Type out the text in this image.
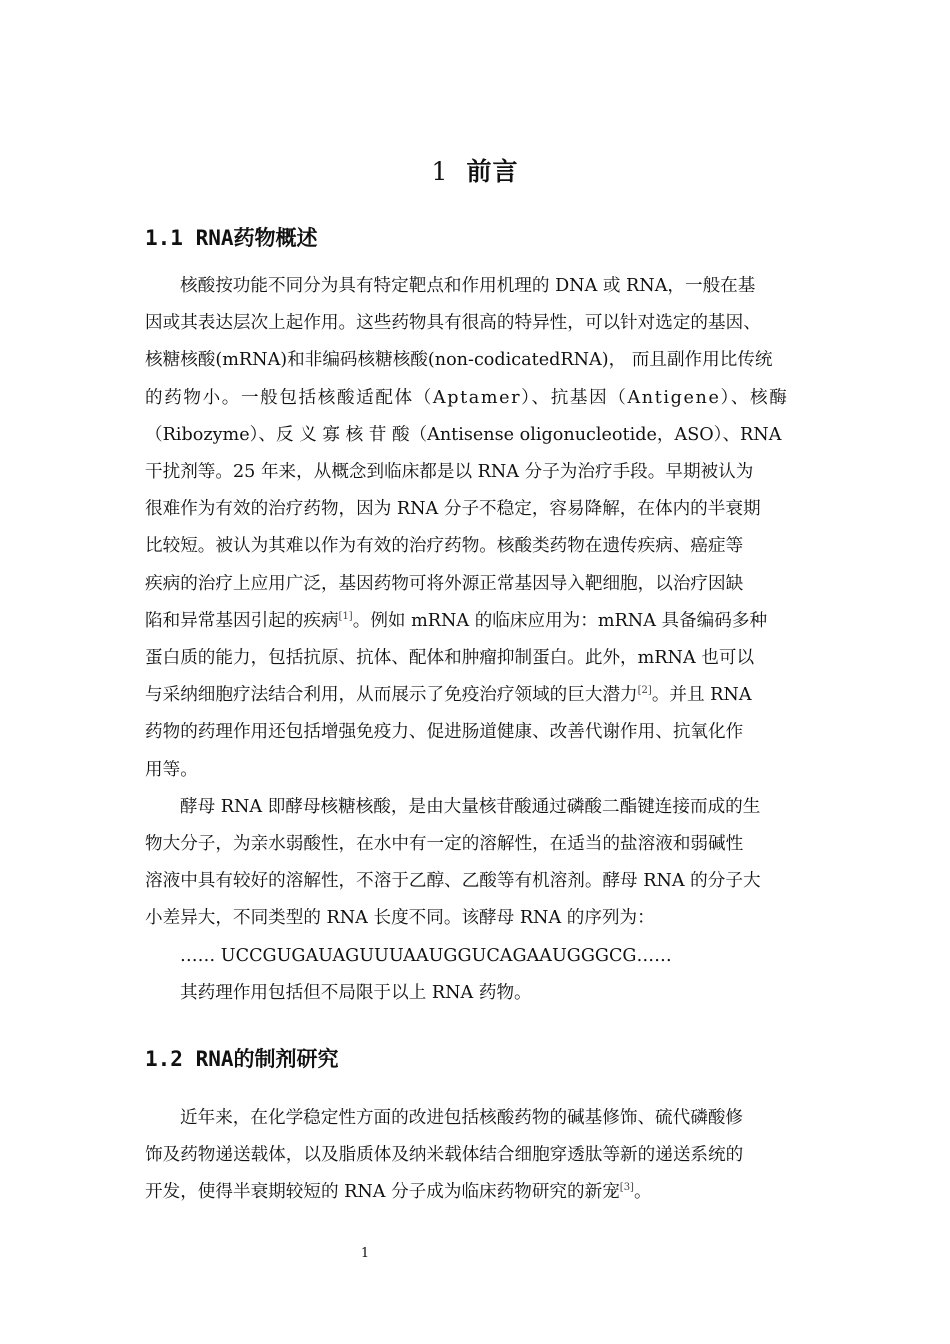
1 前言
1.1 RNA药物概述
核酸按功能不同分为具有特定靶点和作用机理的 DNA 或 RNA，一般在基
因或其表达层次上起作用。这些药物具有很高的特异性，可以针对选定的基因、
核糖核酸(mRNA)和非编码核糖核酸(non-codicatedRNA)， 而且副作用比传统
的药物小。一般包括核酸适配体（Aptamer）、抗基因（Antigene）、核酶
（Ribozyme）、反 义 寡 核 苷 酸（Antisense oligonucleotide，ASO）、RNA
干扰剂等。25 年来，从概念到临床都是以 RNA 分子为治疗手段。早期被认为
很难作为有效的治疗药物，因为 RNA 分子不稳定，容易降解，在体内的半衰期
比较短。被认为其难以作为有效的治疗药物。核酸类药物在遗传疾病、癌症等
疾病的治疗上应用广泛，基因药物可将外源正常基因导入靶细胞，以治疗因缺
陷和异常基因引起的疾病[1]。例如 mRNA 的临床应用为：mRNA 具备编码多种
蛋白质的能力，包括抗原、抗体、配体和肿瘤抑制蛋白。此外，mRNA 也可以
与采纳细胞疗法结合利用，从而展示了免疫治疗领域的巨大潜力[2]。并且 RNA
药物的药理作用还包括增强免疫力、促进肠道健康、改善代谢作用、抗氧化作
用等。
酵母 RNA 即酵母核糖核酸，是由大量核苷酸通过磷酸二酯键连接而成的生
物大分子，为亲水弱酸性，在水中有一定的溶解性，在适当的盐溶液和弱碱性
溶液中具有较好的溶解性，不溶于乙醇、乙酸等有机溶剂。酵母 RNA 的分子大
小差异大，不同类型的 RNA 长度不同。该酵母 RNA 的序列为：
…… UCCGUGAUAGUUUAAUGGUCAGAAUGGGCG……
其药理作用包括但不局限于以上 RNA 药物。
1.2 RNA的制剂研究
近年来，在化学稳定性方面的改进包括核酸药物的碱基修饰、硫代磷酸修
饰及药物递送载体，以及脂质体及纳米载体结合细胞穿透肽等新的递送系统的
开发，使得半衰期较短的 RNA 分子成为临床药物研究的新宠[3]。
1
